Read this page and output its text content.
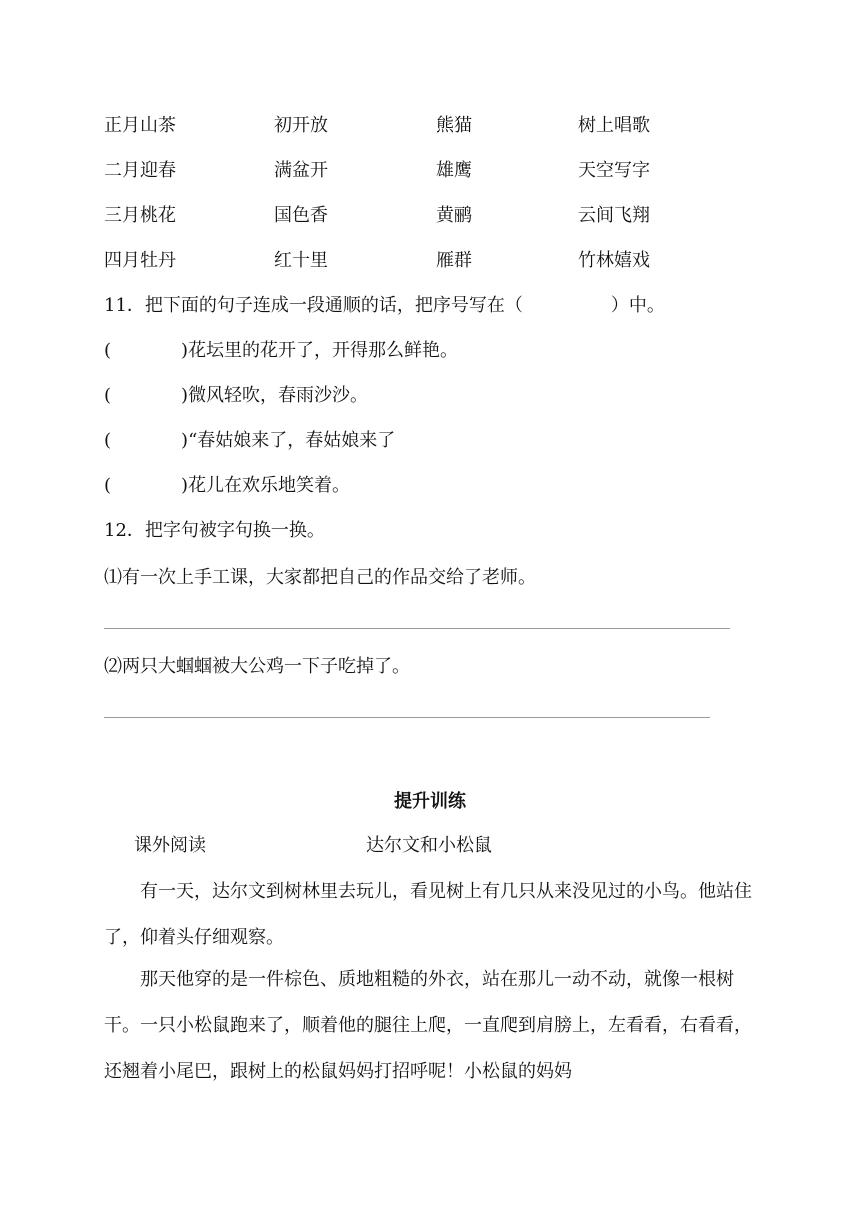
正月山茶	初开放	熊猫	树上唱歌
二月迎春	满盆开	雄鹰	天空写字
三月桃花	国色香	黄鹂	云间飞翔
四月牡丹	红十里	雁群	竹林嬉戏
11．把下面的句子连成一段通顺的话，把序号写在（	）中。
(	)花坛里的花开了，开得那么鲜艳。
(	)微风轻吹，春雨沙沙。
(	)“春姑娘来了，春姑娘来了
(	)花儿在欢乐地笑着。
12．把字句被字句换一换。
⑴有一次上手工课，大家都把自己的作品交给了老师。
⑵两只大蝈蝈被大公鸡一下子吃掉了。
提升训练
课外阅读	达尔文和小松鼠
有一天，达尔文到树林里去玩儿，看见树上有几只从来没见过的小鸟。他站住了，仰着头仔细观察。
那天他穿的是一件棕色、质地粗糙的外衣，站在那儿一动不动，就像一根树干。一只小松鼠跑来了，顺着他的腿往上爬，一直爬到肩膀上，左看看，右看看，还翘着小尾巴，跟树上的松鼠妈妈打招呼呢！小松鼠的妈妈
